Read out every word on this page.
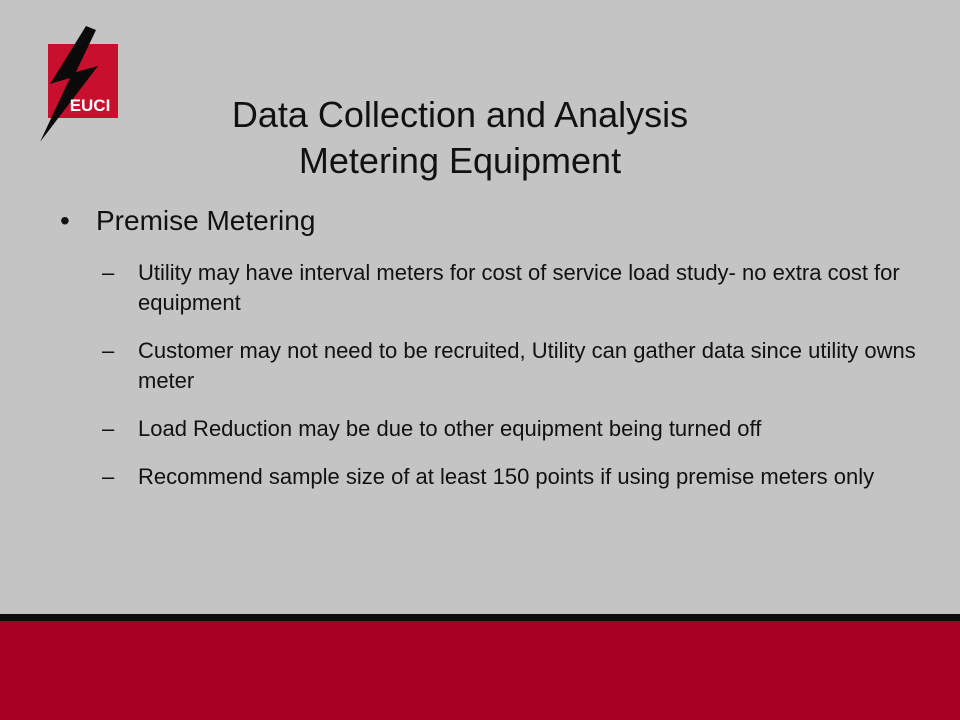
EUCI	Data Collection and Analysis
Metering Equipment
• Premise Metering
–	Utility may have interval meters for cost of service load study- no extra cost for equipment
–	Customer may not need to be recruited, Utility can gather data since utility owns meter
–	Load Reduction may be due to other equipment being turned off
–	Recommend sample size of at least 150 points if using premise meters only
